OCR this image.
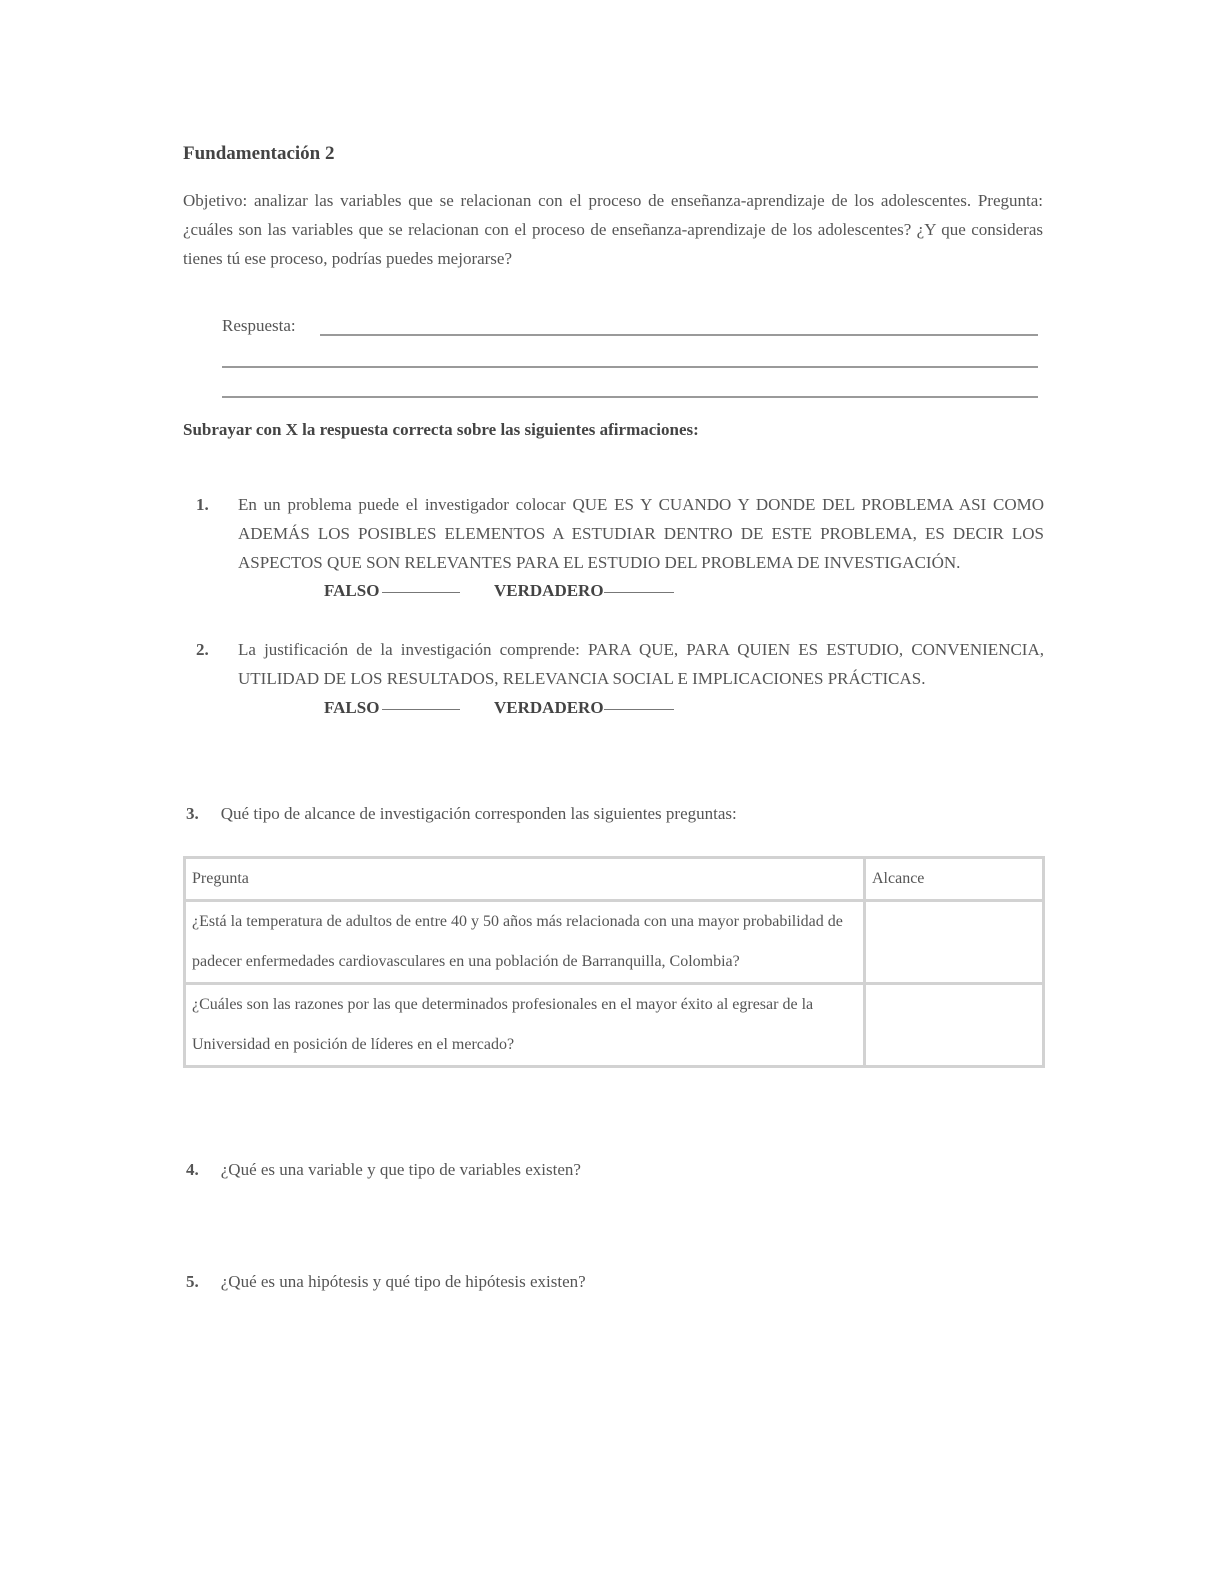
Fundamentación 2
Objetivo: analizar las variables que se relacionan con el proceso de enseñanza-aprendizaje de los adolescentes. Pregunta: ¿cuáles son las variables que se relacionan con el proceso de enseñanza-aprendizaje de los adolescentes? ¿Y que consideras tienes tú ese proceso, podrías puedes mejorarse?
Respuesta:
Subrayar con X la respuesta correcta sobre las siguientes afirmaciones:
1. En un problema puede el investigador colocar QUE ES Y CUANDO Y DONDE DEL PROBLEMA ASI COMO ADEMÁS LOS POSIBLES ELEMENTOS A ESTUDIAR DENTRO DE ESTE PROBLEMA, ES DECIR LOS ASPECTOS QUE SON RELEVANTES PARA EL ESTUDIO DEL PROBLEMA DE INVESTIGACIÓN.
FALSO	VERDADERO
2. La justificación de la investigación comprende: PARA QUE, PARA QUIEN ES ESTUDIO, CONVENIENCIA, UTILIDAD DE LOS RESULTADOS, RELEVANCIA SOCIAL E IMPLICACIONES PRÁCTICAS.
FALSO	VERDADERO
3. Qué tipo de alcance de investigación corresponden las siguientes preguntas:
Pregunta	Alcance
¿Está la temperatura de adultos de entre 40 y 50 años más relacionada con una mayor probabilidad de padecer enfermedades cardiovasculares en una población de Barranquilla, Colombia?	
¿Cuáles son las razones por las que determinados profesionales en el mayor éxito al egresar de la Universidad en posición de líderes en el mercado?	
4. ¿Qué es una variable y que tipo de variables existen?
5. ¿Qué es una hipótesis y qué tipo de hipótesis existen?
